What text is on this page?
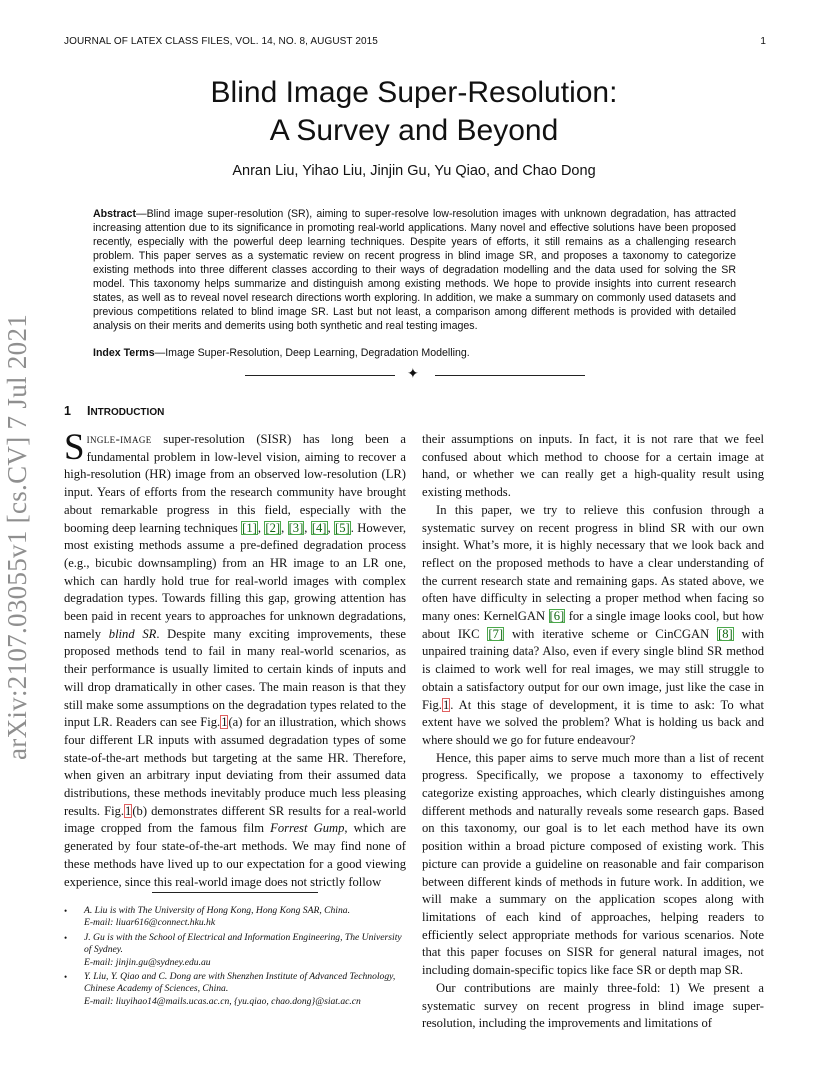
JOURNAL OF LATEX CLASS FILES, VOL. 14, NO. 8, AUGUST 2015	1
arXiv:2107.03055v1 [cs.CV] 7 Jul 2021
Blind Image Super-Resolution:
A Survey and Beyond
Anran Liu, Yihao Liu, Jinjin Gu, Yu Qiao, and Chao Dong
Abstract—Blind image super-resolution (SR), aiming to super-resolve low-resolution images with unknown degradation, has attracted increasing attention due to its significance in promoting real-world applications. Many novel and effective solutions have been proposed recently, especially with the powerful deep learning techniques. Despite years of efforts, it still remains as a challenging research problem. This paper serves as a systematic review on recent progress in blind image SR, and proposes a taxonomy to categorize existing methods into three different classes according to their ways of degradation modelling and the data used for solving the SR model. This taxonomy helps summarize and distinguish among existing methods. We hope to provide insights into current research states, as well as to reveal novel research directions worth exploring. In addition, we make a summary on commonly used datasets and previous competitions related to blind image SR. Last but not least, a comparison among different methods is provided with detailed analysis on their merits and demerits using both synthetic and real testing images.
Index Terms—Image Super-Resolution, Deep Learning, Degradation Modelling.
✦
1 INTRODUCTION

Single-image super-resolution (SISR) has long been a fundamental problem in low-level vision, aiming to recover a high-resolution (HR) image from an observed low-resolution (LR) input. Years of efforts from the research community have brought about remarkable progress in this field, especially with the booming deep learning techniques [1], [2], [3], [4], [5]. However, most existing methods assume a pre-defined degradation process (e.g., bicubic downsampling) from an HR image to an LR one, which can hardly hold true for real-world images with complex degradation types. Towards filling this gap, growing attention has been paid in recent years to approaches for unknown degradations, namely blind SR. Despite many exciting improvements, these proposed methods tend to fail in many real-world scenarios, as their performance is usually limited to certain kinds of inputs and will drop dramatically in other cases. The main reason is that they still make some assumptions on the degradation types related to the input LR. Readers can see Fig.1(a) for an illustration, which shows four different LR inputs with assumed degradation types of some state-of-the-art methods but targeting at the same HR. Therefore, when given an arbitrary input deviating from their assumed data distributions, these methods inevitably produce much less pleasing results. Fig.1(b) demonstrates different SR results for a real-world image cropped from the famous film Forrest Gump, which are generated by four state-of-the-art methods. We may find none of these methods have lived up to our expectation for a good viewing experience, since this real-world image does not strictly follow

• A. Liu is with The University of Hong Kong, Hong Kong SAR, China.
E-mail: liuar616@connect.hku.hk
• J. Gu is with the School of Electrical and Information Engineering, The University of Sydney.
E-mail: jinjin.gu@sydney.edu.au
• Y. Liu, Y. Qiao and C. Dong are with Shenzhen Institute of Advanced Technology, Chinese Academy of Sciences, China.
E-mail: liuyihao14@mails.ucas.ac.cn, {yu.qiao, chao.dong}@siat.ac.cn

their assumptions on inputs. In fact, it is not rare that we feel confused about which method to choose for a certain image at hand, or whether we can really get a high-quality result using existing methods.

In this paper, we try to relieve this confusion through a systematic survey on recent progress in blind SR with our own insight. What’s more, it is highly necessary that we look back and reflect on the proposed methods to have a clear understanding of the current research state and remaining gaps. As stated above, we often have difficulty in selecting a proper method when facing so many ones: KernelGAN [6] for a single image looks cool, but how about IKC [7] with iterative scheme or CinCGAN [8] with unpaired training data? Also, even if every single blind SR method is claimed to work well for real images, we may still struggle to obtain a satisfactory output for our own image, just like the case in Fig.1. At this stage of development, it is time to ask: To what extent have we solved the problem? What is holding us back and where should we go for future endeavour?

Hence, this paper aims to serve much more than a list of recent progress. Specifically, we propose a taxonomy to effectively categorize existing approaches, which clearly distinguishes among different methods and naturally reveals some research gaps. Based on this taxonomy, our goal is to let each method have its own position within a broad picture composed of existing work. This picture can provide a guideline on reasonable and fair comparison between different kinds of methods in future work. In addition, we will make a summary on the application scopes along with limitations of each kind of approaches, helping readers to efficiently select appropriate methods for various scenarios. Note that this paper focuses on SISR for general natural images, not including domain-specific topics like face SR or depth map SR.

Our contributions are mainly three-fold: 1) We present a systematic survey on recent progress in blind image super-resolution, including the improvements and limitations of
